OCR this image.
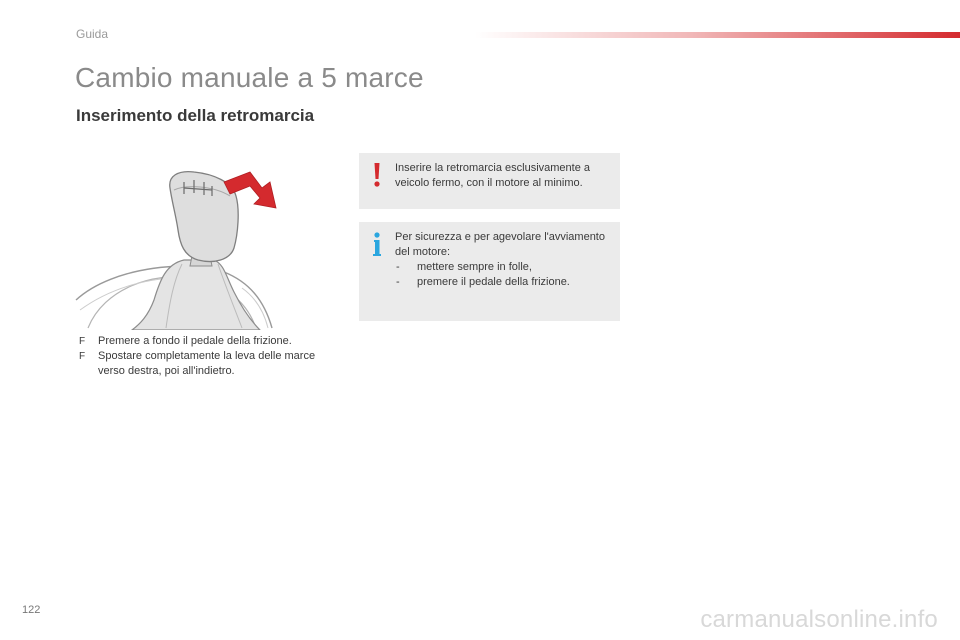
Guida
Cambio manuale a 5 marce
Inserimento della retromarcia
F Premere a fondo il pedale della frizione.
F Spostare completamente la leva delle marce verso destra, poi all'indietro.

Inserire la retromarcia esclusivamente a veicolo fermo, con il motore al minimo.

Per sicurezza e per agevolare l'avviamento del motore:

- mettere sempre in folle,
- premere il pedale della frizione.
122	carmanualsonline.info
